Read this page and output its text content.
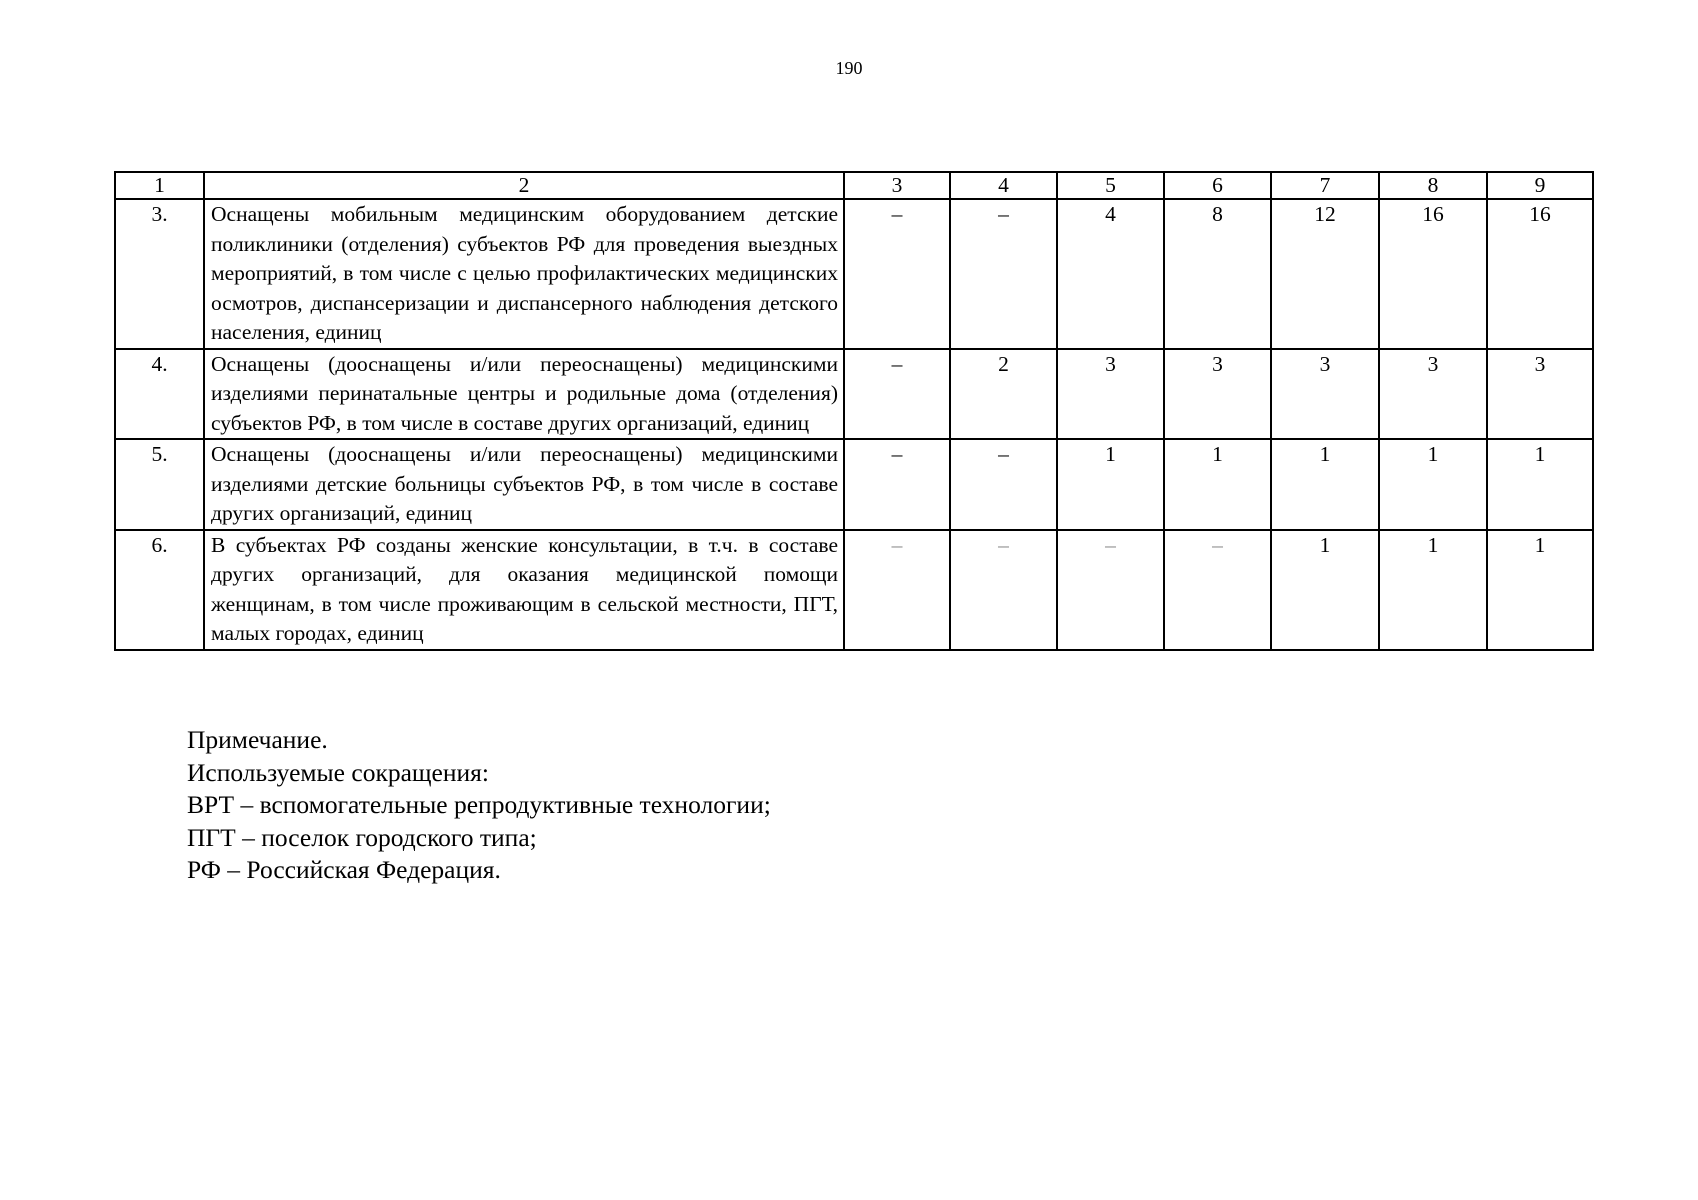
190
1	2	3	4	5	6	7	8	9
3.	Оснащены мобильным медицинским оборудованием детские поликлиники (отделения) субъектов РФ для проведения выездных мероприятий, в том числе с целью профилактических медицинских осмотров, диспансеризации и диспансерного наблюдения детского населения, единиц	–	–	4	8	12	16	16
4.	Оснащены (дооснащены и/или переоснащены) медицинскими изделиями перинатальные центры и родильные дома (отделения) субъектов РФ, в том числе в составе других организаций, единиц	–	2	3	3	3	3	3
5.	Оснащены (дооснащены и/или переоснащены) медицинскими изделиями детские больницы субъектов РФ, в том числе в составе других организаций, единиц	–	–	1	1	1	1	1
6.	В субъектах РФ созданы женские консультации, в т.ч. в составе других организаций, для оказания медицинской помощи женщинам, в том числе проживающим в сельской местности, ПГТ, малых городах, единиц	–	–	–	–	1	1	1
Примечание.
Используемые сокращения:
ВРТ – вспомогательные репродуктивные технологии;
ПГТ – поселок городского типа;
РФ – Российская Федерация.
